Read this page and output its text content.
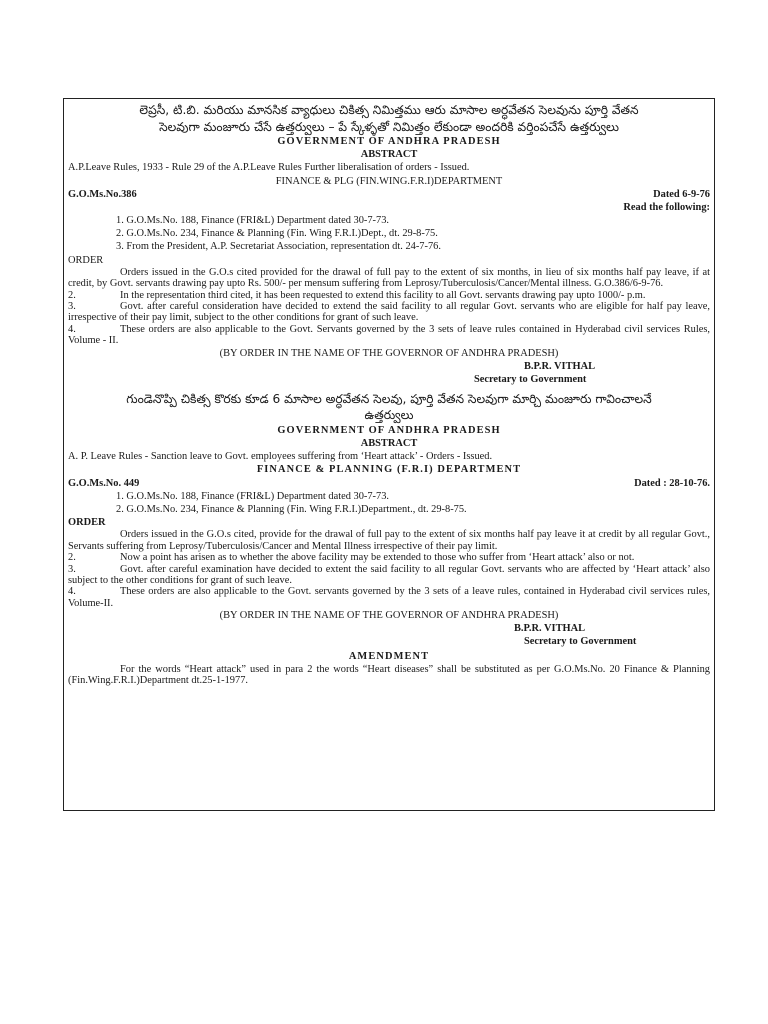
లెప్రసీ, టి.బి. మరియు మానసిక వ్యాధులు చికిత్స నిమిత్తము ఆరు మాసాల అర్ధవేతన సెలవును పూర్తి వేతన
సెలవుగా మంజూరు చేసే ఉత్తర్వులు – పే స్కేళ్ళతో నిమిత్తం లేకుండా అందరికి వర్తింపచేసే ఉత్తర్వులు
GOVERNMENT OF ANDHRA PRADESH
ABSTRACT
A.P.Leave Rules, 1933 - Rule 29 of the A.P.Leave Rules Further liberalisation of orders - Issued.
FINANCE & PLG (FIN.WING.F.R.I)DEPARTMENT
G.O.Ms.No.386	Dated 6-9-76
Read the following:
1. G.O.Ms.No. 188, Finance (FRI&L) Department dated 30-7-73.
2. G.O.Ms.No. 234, Finance & Planning (Fin. Wing F.R.I.)Dept., dt. 29-8-75.
3. From the President, A.P. Secretariat Association, representation dt. 24-7-76.
ORDER
Orders issued in the G.O.s cited provided for the drawal of full pay to the extent of six months, in lieu of six months half pay leave, if at credit, by Govt. servants drawing pay upto Rs. 500/- per mensum suffering from Leprosy/Tuberculosis/Cancer/Mental illness. G.O.386/6-9-76.
2.	In the representation third cited, it has been requested to extend this facility to all Govt. servants drawing pay upto 1000/- p.m.
3.	Govt. after careful consideration have decided to extend the said facility to all regular Govt. servants who are eligible for half pay leave, irrespective of their pay limit, subject to the other conditions for grant of such leave.
4.	These orders are also applicable to the Govt. Servants governed by the 3 sets of leave rules contained in Hyderabad civil services Rules, Volume - II.
(BY ORDER IN THE NAME OF THE GOVERNOR OF ANDHRA PRADESH)
B.P.R. VITHAL
Secretary to Government
గుండెనొప్పి చికిత్స కొరకు కూడ 6 మాసాల అర్ధవేతన సెలవు, పూర్తి వేతన సెలవుగా మార్చి మంజూరు గావించాలనే
ఉత్తర్వులు
GOVERNMENT OF ANDHRA PRADESH
ABSTRACT
A. P. Leave Rules - Sanction leave to Govt. employees suffering from ‘Heart attack’ - Orders - Issued.
FINANCE & PLANNING (F.R.I) DEPARTMENT
G.O.Ms.No. 449	Dated : 28-10-76.
1. G.O.Ms.No. 188, Finance (FRI&L) Department dated 30-7-73.
2. G.O.Ms.No. 234, Finance & Planning (Fin. Wing F.R.I.)Department., dt. 29-8-75.
ORDER
Orders issued in the G.O.s cited, provide for the drawal of full pay to the extent of six months half pay leave it at credit by all regular Govt., Servants suffering from Leprosy/Tuberculosis/Cancer and Mental Illness irrespective of their pay limit.
2.	Now a point has arisen as to whether the above facility may be extended to those who suffer from ‘Heart attack’ also or not.
3.	Govt. after careful examination have decided to extent the said facility to all regular Govt. servants who are affected by ‘Heart attack’ also subject to the other conditions for grant of such leave.
4.	These orders are also applicable to the Govt. servants governed by the 3 sets of a leave rules, contained in Hyderabad civil services rules, Volume-II.
(BY ORDER IN THE NAME OF THE GOVERNOR OF ANDHRA PRADESH)
B.P.R. VITHAL
Secretary to Government
AMENDMENT
For the words “Heart attack” used in para 2 the words “Heart diseases” shall be substituted as per G.O.Ms.No. 20 Finance & Planning (Fin.Wing.F.R.I.)Department dt.25-1-1977.
